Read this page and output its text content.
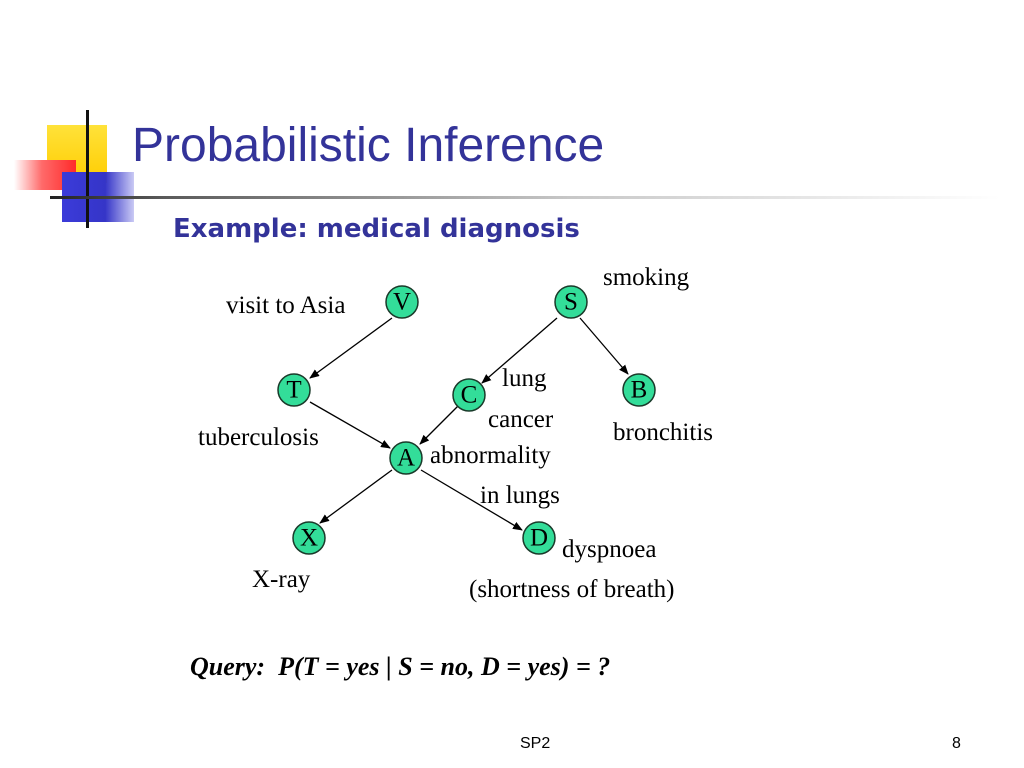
Probabilistic Inference
Example: medical diagnosis
V	S
T	C	B
A
X	D
visit to Asia
smoking
tuberculosis
lung
cancer bronchitis
abnormality
in lungs
X-ray
dyspnoea
(shortness of breath)
Query:  P(T = yes | S = no, D = yes) = ?
SP2	8
